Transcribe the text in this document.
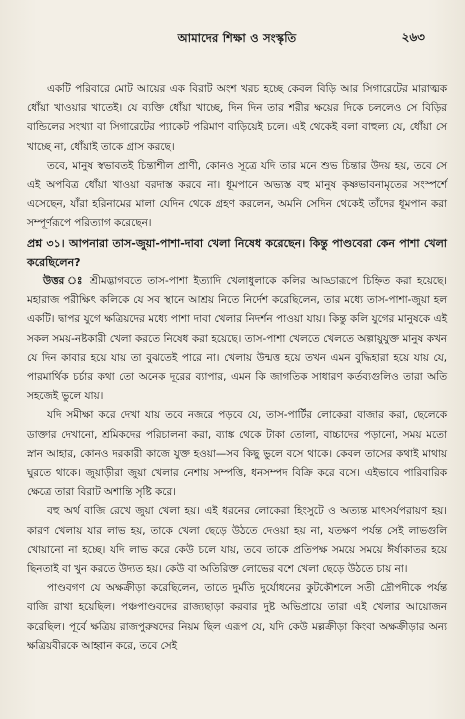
আমাদের শিক্ষা ও সংস্কৃতি	২৬৩

একটি পরিবারে মোট আয়ের এক বিরাট অংশ খরচ হচ্ছে কেবল বিড়ি আর সিগারেটের মারাত্মক ধোঁয়া খাওয়ার খাতেই। যে ব্যক্তি ধোঁয়া খাচ্ছে, দিন দিন তার শরীর ক্ষয়ের দিকে চললেও সে বিড়ির বান্ডিলের সংখ্যা বা সিগারেটের প্যাকেট পরিমাণ বাড়িয়েই চলে। এই থেকেই বলা বাহুল্য যে, ধোঁয়া সে খাচ্ছে না, ধোঁয়াই তাকে গ্রাস করছে।

তবে, মানুষ স্বভাবতই চিন্তাশীল প্রাণী, কোনও সূত্রে যদি তার মনে শুভ চিন্তার উদয় হয়, তবে সে এই অপবিত্র ধোঁয়া খাওয়া বরদাস্ত করবে না। ধূমপানে অভ্যস্ত বহু মানুষ কৃষ্ণভাবনামৃতের সংস্পর্শে এসেছেন, যাঁরা হরিনামের মালা যেদিন থেকে গ্রহণ করলেন, অমনি সেদিন থেকেই তাঁদের ধূমপান করা সম্পূর্ণরূপে পরিত্যাগ করেছেন।

প্রশ্ন ৩১। আপনারা তাস-জুয়া-পাশা-দাবা খেলা নিষেধ করেছেন। কিন্তু পাণ্ডবেরা কেন পাশা খেলা করেছিলেন?

উত্তর ঃ শ্রীমদ্ভাগবতে তাস-পাশা ইত্যাদি খেলাধুলাকে কলির আড্ডারূপে চিহ্নিত করা হয়েছে। মহারাজ পরীক্ষিৎ কলিকে যে সব স্থানে আশ্রয় নিতে নির্দেশ করেছিলেন, তার মধ্যে তাস-পাশা-জুয়া হল একটি। দ্বাপর যুগে ক্ষত্রিয়দের মধ্যে পাশা দাবা খেলার নিদর্শন পাওয়া যায়। কিন্তু কলি যুগের মানুষকে এই সকল সময়-নষ্টকারী খেলা করতে নিষেধ করা হয়েছে। তাস-পাশা খেলতে খেলতে অল্পায়ুযুক্ত মানুষ কখন যে দিন কাবার হয়ে যায় তা বুঝতেই পারে না। খেলায় উন্মত্ত হয়ে তখন এমন বুদ্ধিহারা হয়ে যায় যে, পারমার্থিক চর্চার কথা তো অনেক দূরের ব্যাপার, এমন কি জাগতিক সাধারণ কর্তব্যগুলিও তারা অতি সহজেই ভুলে যায়।

যদি সমীক্ষা করে দেখা যায় তবে নজরে পড়বে যে, তাস-পার্টির লোকেরা বাজার করা, ছেলেকে ডাক্তার দেখানো, শ্রমিকদের পরিচালনা করা, ব্যাঙ্ক থেকে টাকা তোলা, বাচ্চাদের পড়ানো, সময় মতো স্নান আহার, কোনও দরকারী কাজে যুক্ত হওয়া—সব কিছু ভুলে বসে থাকে। কেবল তাসের কথাই মাথায় ঘুরতে থাকে। জুয়াড়ীরা জুয়া খেলার নেশায় সম্পত্তি, ধনসম্পদ বিক্রি করে বসে। এইভাবে পারিবারিক ক্ষেত্রে তারা বিরাট অশান্তি সৃষ্টি করে।

বহু অর্থ বাজি রেখে জুয়া খেলা হয়। এই ধরনের লোকেরা হিংসুটে ও অত্যন্ত মাৎসর্যপরায়ণ হয়। কারণ খেলায় যার লাভ হয়, তাকে খেলা ছেড়ে উঠতে দেওয়া হয় না, যতক্ষণ পর্যন্ত সেই লাভগুলি খোয়ানো না হচ্ছে। যদি লাভ করে কেউ চলে যায়, তবে তাকে প্রতিপক্ষ সময়ে সময়ে ঈর্ষাকাতর হয়ে ছিনতাই বা খুন করতে উদ্যত হয়। কেউ বা অতিরিক্ত লোভের বশে খেলা ছেড়ে উঠতে চায় না।

পাণ্ডবগণ যে অক্ষক্রীড়া করেছিলেন, তাতে দুর্মতি দুর্যোধনের কুটকৌশলে সতী দ্রৌপদীকে পর্যন্ত বাজি রাখা হয়েছিল। পঞ্চপাণ্ডবদের রাজ্যছাড়া করবার দুষ্ট অভিপ্রায়ে তারা এই খেলার আয়োজন করেছিল। পূর্বে ক্ষত্রিয় রাজপুরুষদের নিয়ম ছিল এরূপ যে, যদি কেউ মল্লক্রীড়া কিংবা অক্ষক্রীড়ার অন্য ক্ষত্রিয়বীরকে আহ্বান করে, তবে সেই
